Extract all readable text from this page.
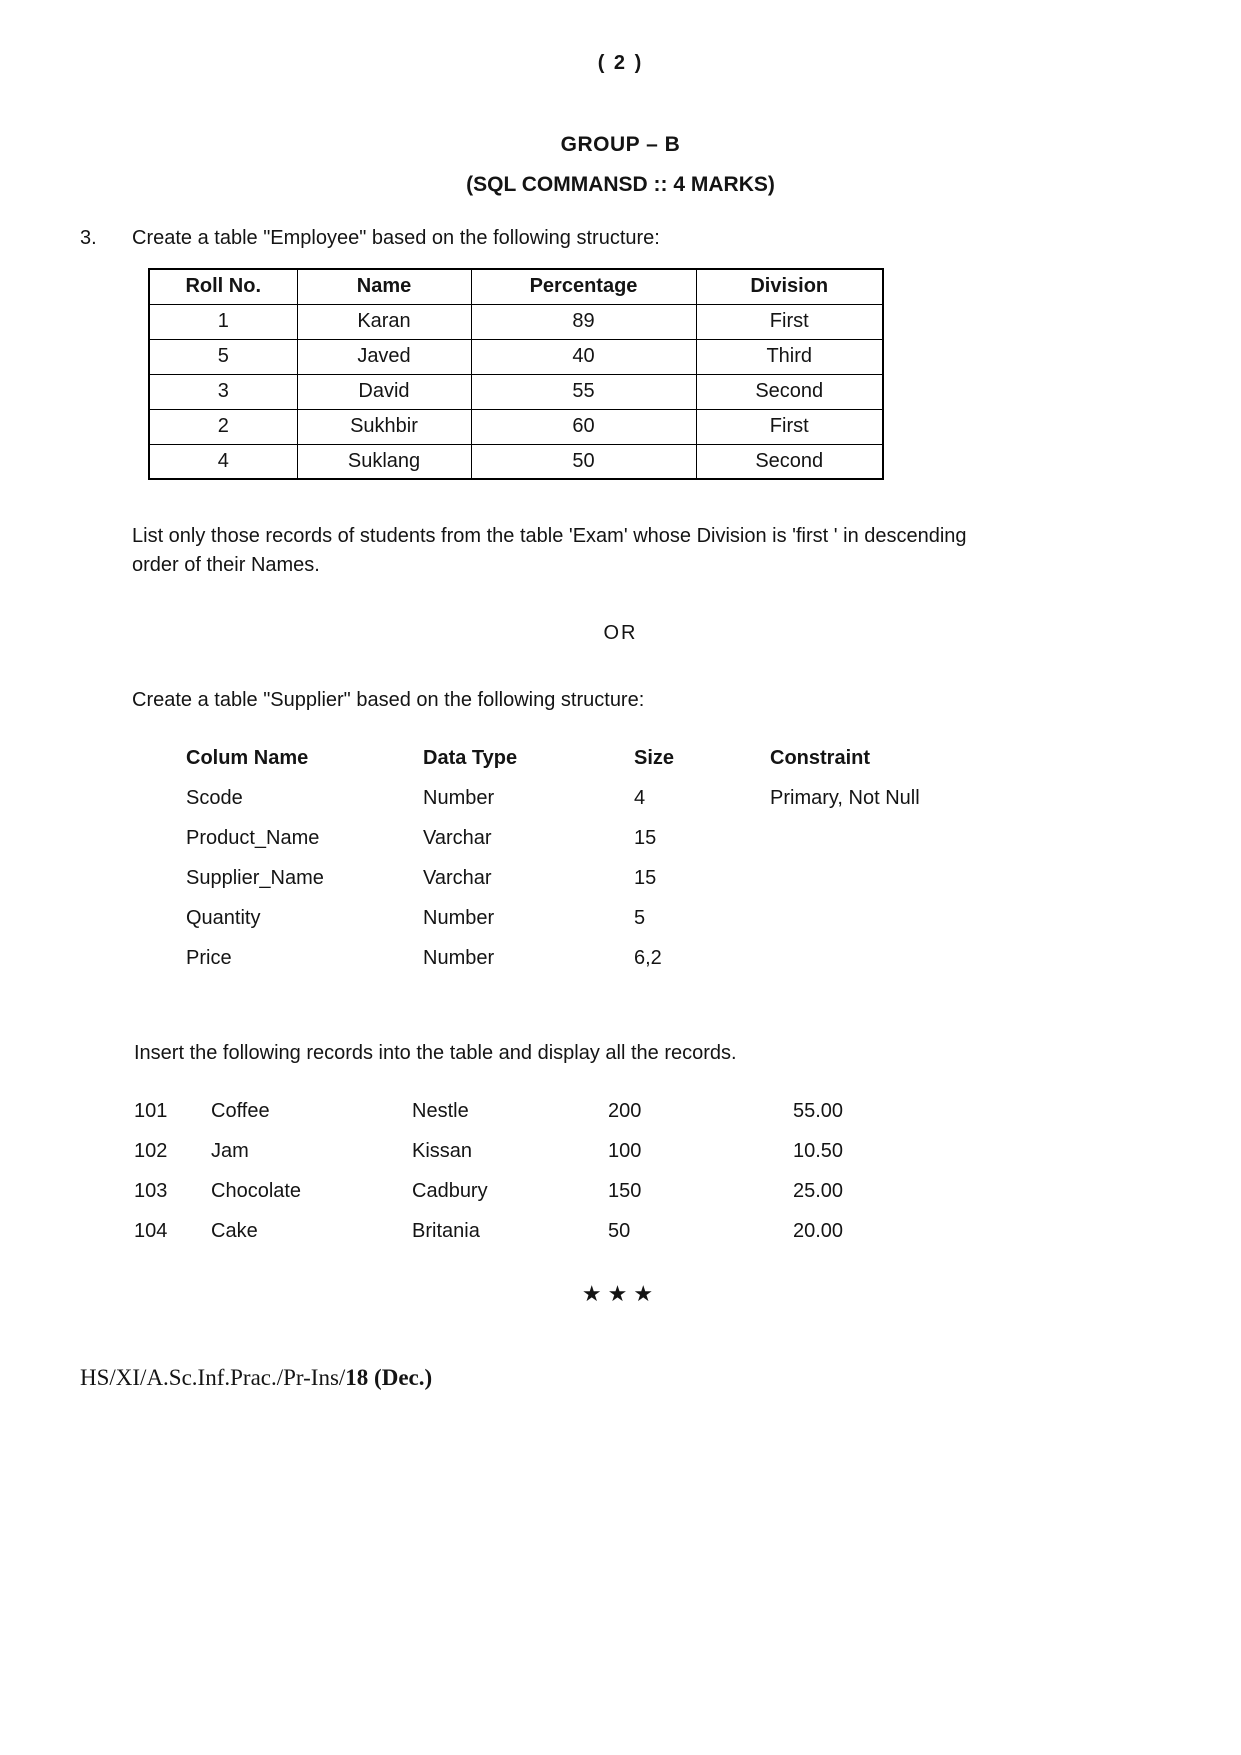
( 2 )
GROUP – B
(SQL COMMANSD :: 4 MARKS)
3.	Create a table "Employee" based on the following structure:
Roll No.	Name	Percentage	Division
1	Karan	89	First
5	Javed	40	Third
3	David	55	Second
2	Sukhbir	60	First
4	Suklang	50	Second
List only those records of students from the table 'Exam' whose Division is 'first ' in descending order of their Names.
OR
Create a table "Supplier" based on the following structure:
Colum Name	Data Type	Size	Constraint
Scode	Number	4	Primary, Not Null
Product_Name	Varchar	15	
Supplier_Name	Varchar	15	
Quantity	Number	5	
Price	Number	6,2	
Insert the following records into the table and display all the records.
101	Coffee	Nestle	200	55.00
102	Jam	Kissan	100	10.50
103	Chocolate	Cadbury	150	25.00
104	Cake	Britania	50	20.00
★★★
HS/XI/A.Sc.Inf.Prac./Pr-Ins/18 (Dec.)
